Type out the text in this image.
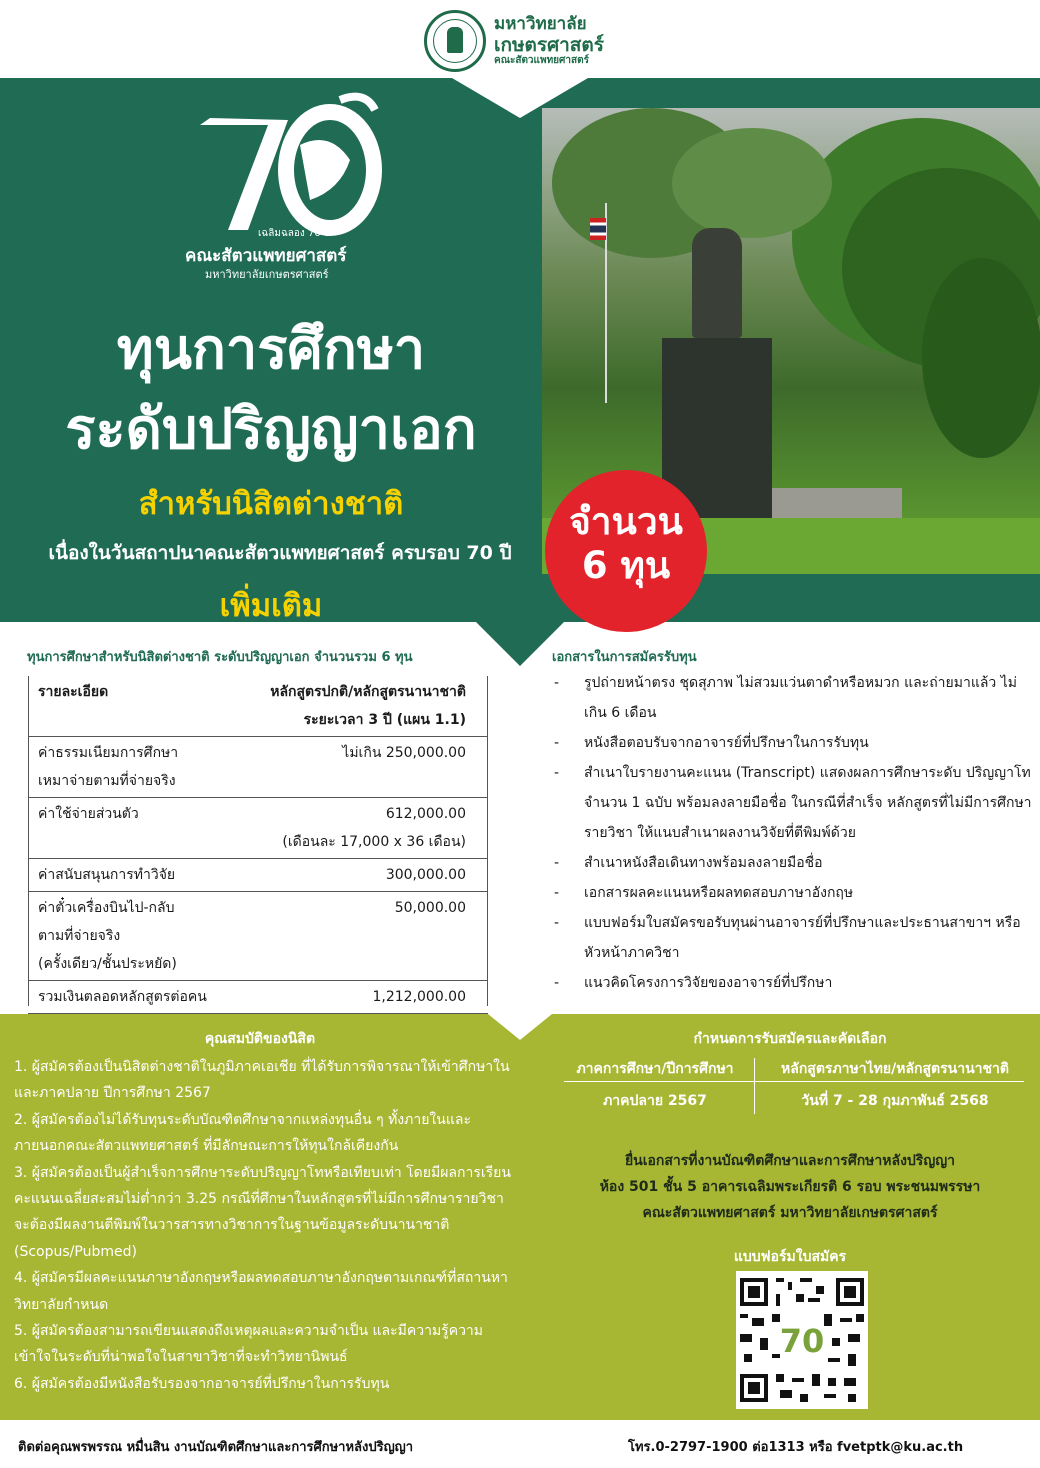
มหาวิทยาลัย
เกษตรศาสตร์
คณะสัตวแพทยศาสตร์
จำนวน
6 ทุน
เฉลิมฉลอง 70 ปี
คณะสัตวแพทยศาสตร์
มหาวิทยาลัยเกษตรศาสตร์
ทุนการศึกษา
ระดับปริญญาเอก
สำหรับนิสิตต่างชาติ
เนื่องในวันสถาปนาคณะสัตวแพทยศาสตร์ ครบรอบ 70 ปี
เพิ่มเติม
ทุนการศึกษาสำหรับนิสิตต่างชาติ ระดับปริญญาเอก จำนวนรวม 6 ทุน
รายละเอียด	หลักสูตรปกติ/หลักสูตรนานาชาติ
ระยะเวลา 3 ปี (แผน 1.1)

ค่าธรรมเนียมการศึกษา
เหมาจ่ายตามที่จ่ายจริง	ไม่เกิน 250,000.00

ค่าใช้จ่ายส่วนตัว	612,000.00
(เดือนละ 17,000 x 36 เดือน)

ค่าสนับสนุนการทำวิจัย	300,000.00

ค่าตั๋วเครื่องบินไป-กลับ
ตามที่จ่ายจริง
(ครั้งเดียว/ชั้นประหยัด)	50,000.00

รวมเงินตลอดหลักสูตรต่อคน	1,212,000.00
เอกสารในการสมัครรับทุน
- รูปถ่ายหน้าตรง ชุดสุภาพ ไม่สวมแว่นตาดำหรือหมวก และถ่ายมาแล้ว ไม่เกิน 6 เดือน
- หนังสือตอบรับจากอาจารย์ที่ปรึกษาในการรับทุน
- สำเนาใบรายงานคะแนน (Transcript) แสดงผลการศึกษาระดับ ปริญญาโท จำนวน 1 ฉบับ พร้อมลงลายมือชื่อ ในกรณีที่สำเร็จ หลักสูตรที่ไม่มีการศึกษารายวิชา ให้แนบสำเนาผลงานวิจัยที่ตีพิมพ์ด้วย
- สำเนาหนังสือเดินทางพร้อมลงลายมือชื่อ
- เอกสารผลคะแนนหรือผลทดสอบภาษาอังกฤษ
- แบบฟอร์มใบสมัครขอรับทุนผ่านอาจารย์ที่ปรึกษาและประธานสาขาฯ หรือหัวหน้าภาควิชา
- แนวคิดโครงการวิจัยของอาจารย์ที่ปรึกษา
คุณสมบัติของนิสิต

1. ผู้สมัครต้องเป็นนิสิตต่างชาติในภูมิภาคเอเชีย ที่ได้รับการพิจารณาให้เข้าศึกษาในและภาคปลาย ปีการศึกษา 2567

2. ผู้สมัครต้องไม่ได้รับทุนระดับบัณฑิตศึกษาจากแหล่งทุนอื่น ๆ ทั้งภายในและภายนอกคณะสัตวแพทยศาสตร์ ที่มีลักษณะการให้ทุนใกล้เคียงกัน

3. ผู้สมัครต้องเป็นผู้สำเร็จการศึกษาระดับปริญญาโทหรือเทียบเท่า โดยมีผลการเรียนคะแนนเฉลี่ยสะสมไม่ต่ำกว่า 3.25 กรณีที่ศึกษาในหลักสูตรที่ไม่มีการศึกษารายวิชาจะต้องมีผลงานตีพิมพ์ในวารสารทางวิชาการในฐานข้อมูลระดับนานาชาติ (Scopus/Pubmed)

4. ผู้สมัครมีผลคะแนนภาษาอังกฤษหรือผลทดสอบภาษาอังกฤษตามเกณฑ์ที่สถานหาวิทยาลัยกำหนด

5. ผู้สมัครต้องสามารถเขียนแสดงถึงเหตุผลและความจำเป็น และมีความรู้ความเข้าใจในระดับที่น่าพอใจในสาขาวิชาที่จะทำวิทยานิพนธ์

6. ผู้สมัครต้องมีหนังสือรับรองจากอาจารย์ที่ปรึกษาในการรับทุน

กำหนดการรับสมัครและคัดเลือก
ภาคการศึกษา/ปีการศึกษา	หลักสูตรภาษาไทย/หลักสูตรนานาชาติ
ภาคปลาย 2567	วันที่ 7 - 28 กุมภาพันธ์ 2568
ยื่นเอกสารที่งานบัณฑิตศึกษาและการศึกษาหลังปริญญา
ห้อง 501 ชั้น 5 อาคารเฉลิมพระเกียรติ 6 รอบ พระชนมพรรษา
คณะสัตวแพทยศาสตร์ มหาวิทยาลัยเกษตรศาสตร์
แบบฟอร์มใบสมัคร
70
ติดต่อคุณพรพรรณ หมื่นสิน งานบัณฑิตศึกษาและการศึกษาหลังปริญญา	โทร.0-2797-1900 ต่อ1313 หรือ fvetptk@ku.ac.th
